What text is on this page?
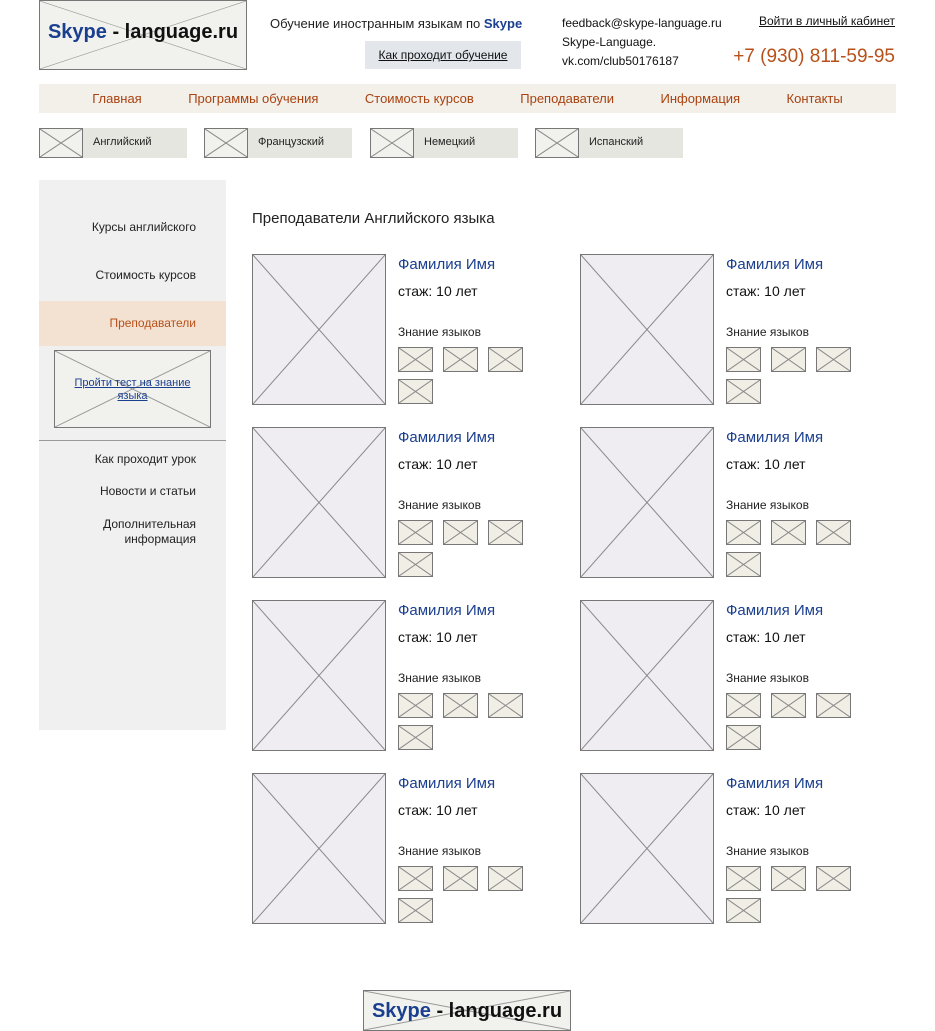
Skype - language.ru	Обучение иностранным языкам по Skype
Как проходит обучение
feedback@skype-language.ru
Skype-Language.
vk.com/club50176187
Войти в личный кабинет
+7 (930) 811-59-95
Главная	Программы обучения	Стоимость курсов	Преподаватели	Информация	Контакты
Английский	Французский	Немецкий	Испанский
Курсы английского
Стоимость курсов
Преподаватели
Пройти тест на знание языка
Как проходит урок
Новости и статьи
Дополнительная информация
Преподаватели Английского языка
Фамилия Имя
стаж: 10 лет
Знание языков
Фамилия Имя
стаж: 10 лет
Знание языков
Фамилия Имя
стаж: 10 лет
Знание языков
Фамилия Имя
стаж: 10 лет
Знание языков
Фамилия Имя
стаж: 10 лет
Знание языков
Фамилия Имя
стаж: 10 лет
Знание языков
Фамилия Имя
стаж: 10 лет
Знание языков
Фамилия Имя
стаж: 10 лет
Знание языков
Skype - language.ru
